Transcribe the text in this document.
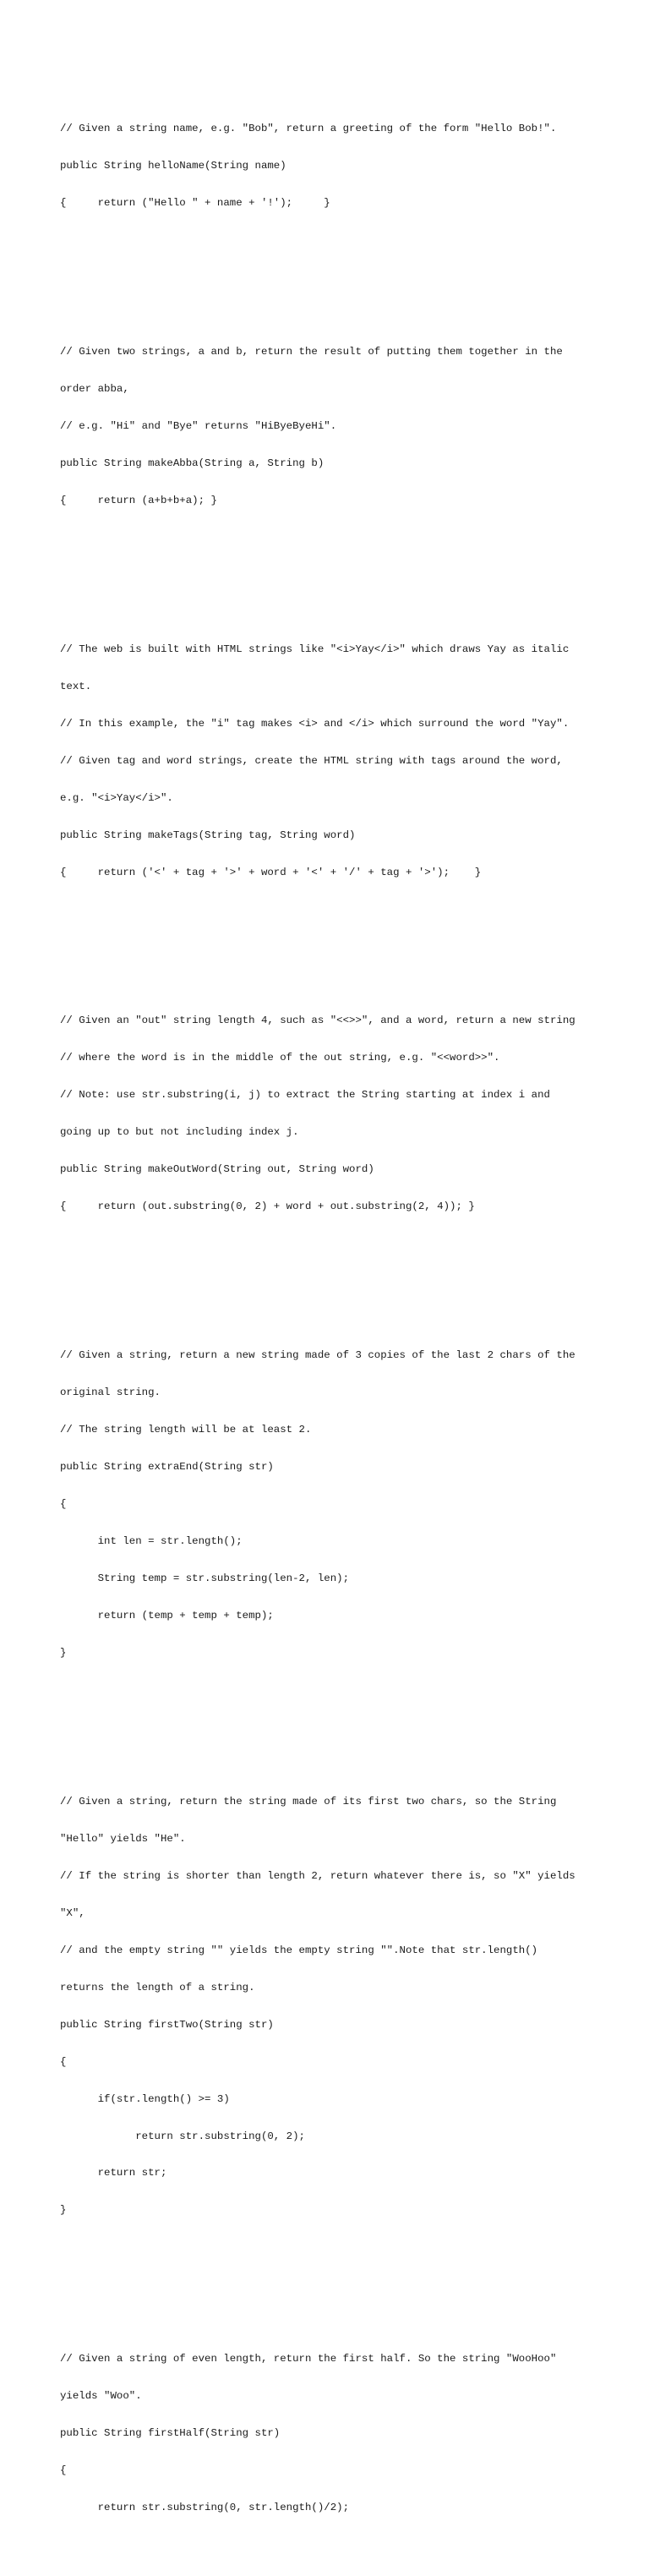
// Given a string name, e.g. "Bob", return a greeting of the form "Hello Bob!".

public String helloName(String name)

{     return ("Hello " + name + '!');     }

// Given two strings, a and b, return the result of putting them together in the

order abba,

// e.g. "Hi" and "Bye" returns "HiByeByeHi".

public String makeAbba(String a, String b)

{     return (a+b+b+a); }

// The web is built with HTML strings like "<i>Yay</i>" which draws Yay as italic

text.

// In this example, the "i" tag makes <i> and </i> which surround the word "Yay".

// Given tag and word strings, create the HTML string with tags around the word,

e.g. "<i>Yay</i>".

public String makeTags(String tag, String word)

{     return ('<' + tag + '>' + word + '<' + '/' + tag + '>');    }

// Given an "out" string length 4, such as "<<>>", and a word, return a new string

// where the word is in the middle of the out string, e.g. "<<word>>".

// Note: use str.substring(i, j) to extract the String starting at index i and

going up to but not including index j.

public String makeOutWord(String out, String word)

{     return (out.substring(0, 2) + word + out.substring(2, 4)); }

// Given a string, return a new string made of 3 copies of the last 2 chars of the

original string.

// The string length will be at least 2.

public String extraEnd(String str)

{

int len = str.length();

String temp = str.substring(len-2, len);

return (temp + temp + temp);

}

// Given a string, return the string made of its first two chars, so the String

"Hello" yields "He".

// If the string is shorter than length 2, return whatever there is, so "X" yields

"X",

// and the empty string "" yields the empty string "".Note that str.length()

returns the length of a string.

public String firstTwo(String str)

{

if(str.length() >= 3)

return str.substring(0, 2);

return str;

}

// Given a string of even length, return the first half. So the string "WooHoo"

yields "Woo".

public String firstHalf(String str)

{

return str.substring(0, str.length()/2);
